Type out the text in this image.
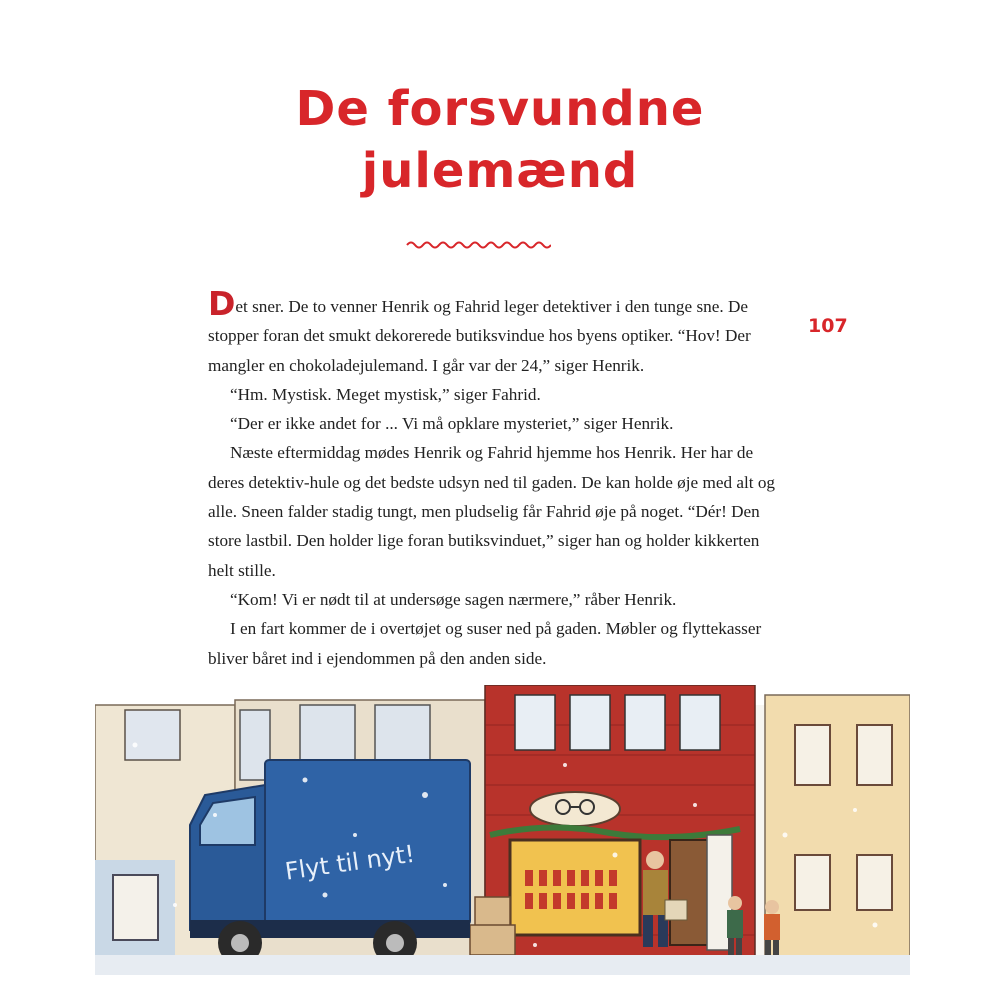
De forsvundne
julemænd
107

Det sner. De to venner Henrik og Fahrid leger detektiver i den tunge sne. De stopper foran det smukt dekorerede butiksvindue hos byens optiker. “Hov! Der mangler en chokoladejulemand. I går var der 24,” siger Henrik.

“Hm. Mystisk. Meget mystisk,” siger Fahrid.

“Der er ikke andet for ... Vi må opklare mysteriet,” siger Henrik.

Næste eftermiddag mødes Henrik og Fahrid hjemme hos Henrik. Her har de deres detektiv-hule og det bedste udsyn ned til gaden. De kan holde øje med alt og alle. Sneen falder stadig tungt, men pludselig får Fahrid øje på noget. “Dér! Den store lastbil. Den holder lige foran butiksvinduet,” siger han og holder kikkerten helt stille.

“Kom! Vi er nødt til at undersøge sagen nærmere,” råber Henrik.

I en fart kommer de i overtøjet og suser ned på gaden. Møbler og flyttekasser bliver båret ind i ejendommen på den anden side.

Flyt til nyt!
